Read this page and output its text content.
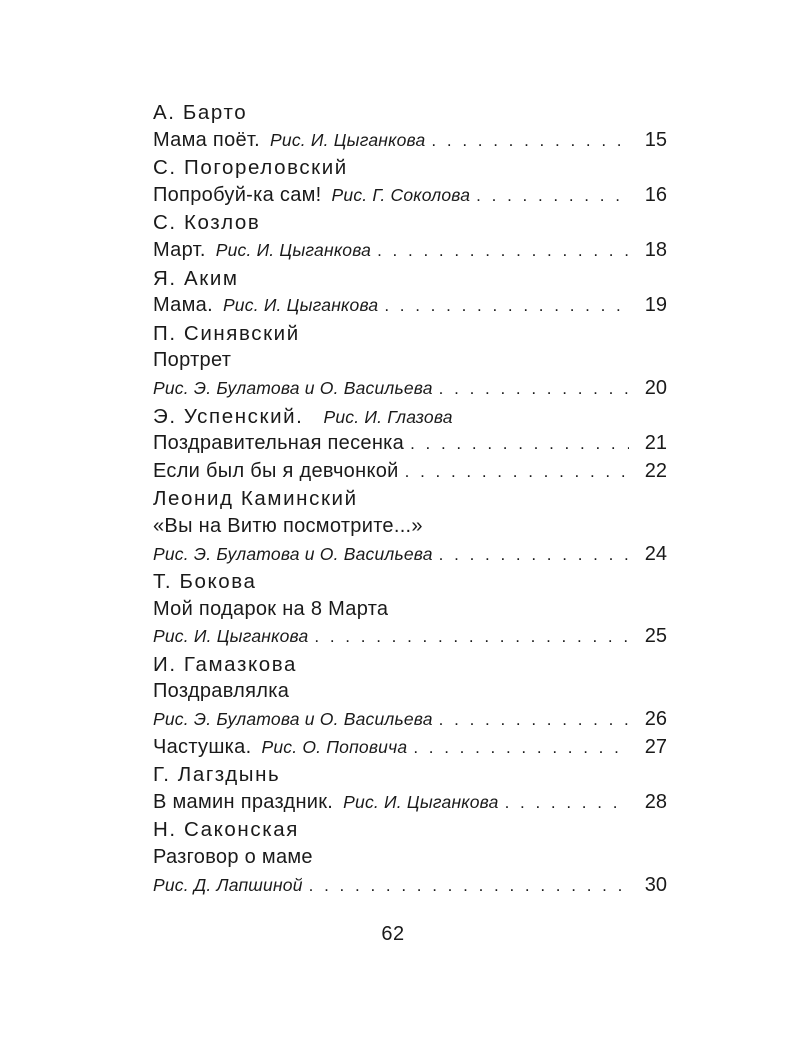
А. Барто
Мама поёт. Рис. И. Цыганкова . . .	15
С. Погореловский
Попробуй-ка сам! Рис. Г. Соколова . . .	16
С. Козлов
Март. Рис. И. Цыганкова . . .	18
Я. Аким
Мама. Рис. И. Цыганкова . . .	19
П. Синявский
Портрет
Рис. Э. Булатова и О. Васильева . . .	20
Э. Успенский. Рис. И. Глазова
Поздравительная песенка . . .	21
Если был бы я девчонкой . . .	22
Леонид Каминский
«Вы на Витю посмотрите...»
Рис. Э. Булатова и О. Васильева . . .	24
Т. Бокова
Мой подарок на 8 Марта
Рис. И. Цыганкова . . .	25
И. Гамазкова
Поздравлялка
Рис. Э. Булатова и О. Васильева . . .	26
Частушка. Рис. О. Поповича . . .	27
Г. Лагздынь
В мамин праздник. Рис. И. Цыганкова . . .	28
Н. Саконская
Разговор о маме
Рис. Д. Лапшиной . . .	30
62
